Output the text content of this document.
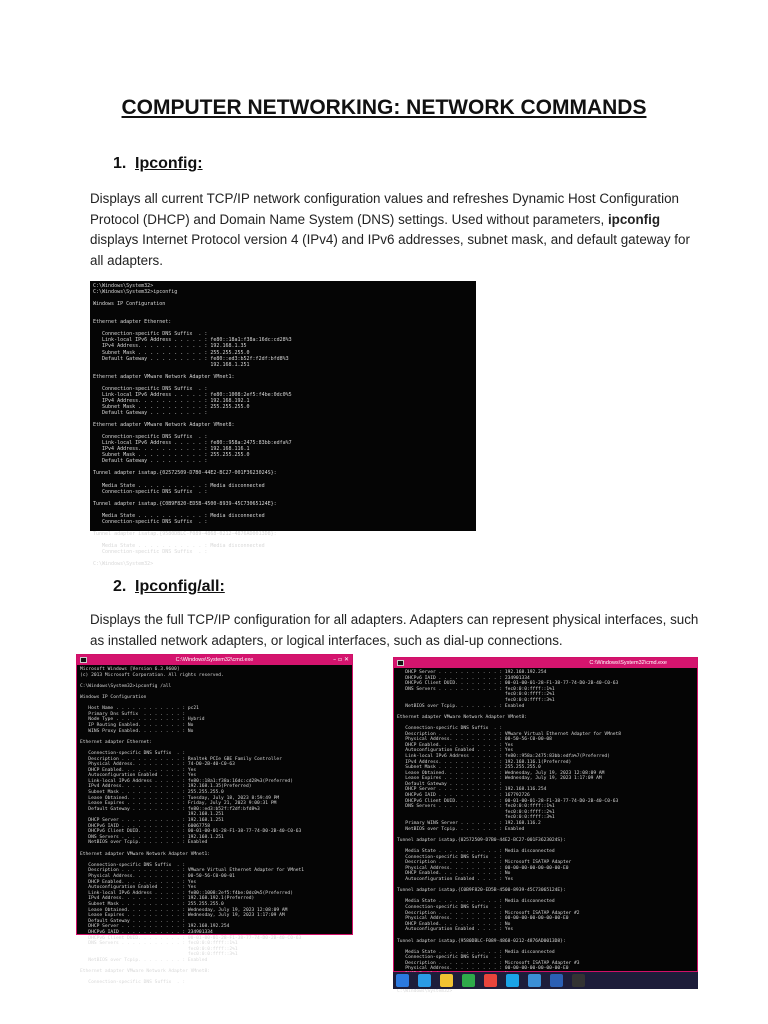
COMPUTER NETWORKING: NETWORK COMMANDS
1. Ipconfig:
Displays all current TCP/IP network configuration values and refreshes Dynamic Host Configuration Protocol (DHCP) and Domain Name System (DNS) settings. Used without parameters, ipconfig displays Internet Protocol version 4 (IPv4) and IPv6 addresses, subnet mask, and default gateway for all adapters.
C:\Windows\System32>
C:\Windows\System32>ipconfig

Windows IP Configuration

Ethernet adapter Ethernet:

Connection-specific DNS Suffix  . :
Link-local IPv6 Address . . . . . : fe80::18a1:f38a:16dc:cd28%3
IPv4 Address. . . . . . . . . . . : 192.168.1.35
Subnet Mask . . . . . . . . . . . : 255.255.255.0
Default Gateway . . . . . . . . . : fe80::ed3:b52f:f2df:bfd8%3
192.168.1.251

Ethernet adapter VMware Network Adapter VMnet1:

Connection-specific DNS Suffix  . :
Link-local IPv6 Address . . . . . : fe80::1008:2ef5:f4be:0dc0%5
IPv4 Address. . . . . . . . . . . : 192.168.192.1
Subnet Mask . . . . . . . . . . . : 255.255.255.0
Default Gateway . . . . . . . . . :

Ethernet adapter VMware Network Adapter VMnet8:

Connection-specific DNS Suffix  . :
Link-local IPv6 Address . . . . . : fe80::958a:2475:83bb:edfa%7
IPv4 Address. . . . . . . . . . . : 192.168.116.1
Subnet Mask . . . . . . . . . . . : 255.255.255.0
Default Gateway . . . . . . . . . :

Tunnel adapter isatap.{02572509-D7B0-44E2-BC27-001F3623024S}:

Media State . . . . . . . . . . . : Media disconnected
Connection-specific DNS Suffix  . :

Tunnel adapter isatap.{C0B9F820-ED5B-4500-8939-45C73065124E}:

Media State . . . . . . . . . . . : Media disconnected
Connection-specific DNS Suffix  . :

Tunnel adapter isatap.{9580DBLC-F089-4868-0212-4876AD0013D8}:

Media State . . . . . . . . . . . : Media disconnected
Connection-specific DNS Suffix  . :

C:\Windows\System32>
2. Ipconfig/all:
Displays the full TCP/IP configuration for all adapters. Adapters can represent physical interfaces, such as installed network adapters, or logical interfaces, such as dial-up connections.
C:\Windows\System32\cmd.exe	– ▫ ✕
Microsoft Windows [Version 6.3.9600]
(c) 2013 Microsoft Corporation. All rights reserved.

C:\Windows\System32>ipconfig /all

Windows IP Configuration

Host Name . . . . . . . . . . . . : pc21
Primary Dns Suffix  . . . . . . . :
Node Type . . . . . . . . . . . . : Hybrid
IP Routing Enabled. . . . . . . . : No
WINS Proxy Enabled. . . . . . . . : No

Ethernet adapter Ethernet:

Connection-specific DNS Suffix  . :
Description . . . . . . . . . . . : Realtek PCIe GBE Family Controller
Physical Address. . . . . . . . . : 74-D0-2B-40-C0-63
DHCP Enabled. . . . . . . . . . . : Yes
Autoconfiguration Enabled . . . . : Yes
Link-local IPv6 Address . . . . . : fe80::18a1:f38a:16dc:cd28%3(Preferred)
IPv4 Address. . . . . . . . . . . : 192.168.1.35(Preferred)
Subnet Mask . . . . . . . . . . . : 255.255.255.0
Lease Obtained. . . . . . . . . . : Tuesday, July 18, 2023 8:59:49 PM
Lease Expires . . . . . . . . . . : Friday, July 21, 2023 9:00:31 PM
Default Gateway . . . . . . . . . : fe80::ed3:b52f:f2df:bfd8%3
192.168.1.251
DHCP Server . . . . . . . . . . . : 192.168.1.251
DHCPv6 IAID . . . . . . . . . . . : 60067758
DHCPv6 Client DUID. . . . . . . . : 00-01-00-01-28-F1-38-77-74-D0-2B-40-C0-63
DNS Servers . . . . . . . . . . . : 192.168.1.251
NetBIOS over Tcpip. . . . . . . . : Enabled

Ethernet adapter VMware Network Adapter VMnet1:

Connection-specific DNS Suffix  . :
Description . . . . . . . . . . . : VMware Virtual Ethernet Adapter for VMnet1
Physical Address. . . . . . . . . : 00-50-56-C0-00-01
DHCP Enabled. . . . . . . . . . . : Yes
Autoconfiguration Enabled . . . . : Yes
Link-local IPv6 Address . . . . . : fe80::1008:2ef5:f4be:0dc0%5(Preferred)
IPv4 Address. . . . . . . . . . . : 192.168.192.1(Preferred)
Subnet Mask . . . . . . . . . . . : 255.255.255.0
Lease Obtained. . . . . . . . . . : Wednesday, July 19, 2023 12:08:09 AM
Lease Expires . . . . . . . . . . : Wednesday, July 19, 2023 1:17:09 AM
Default Gateway . . . . . . . . . :
DHCP Server . . . . . . . . . . . : 192.168.192.254
DHCPv6 IAID . . . . . . . . . . . : 234901334
DHCPv6 Client DUID. . . . . . . . : 00-01-00-01-28-F1-38-77-74-D0-2B-40-C0-63
DNS Servers . . . . . . . . . . . : fec0:0:0:ffff::1%1
fec0:0:0:ffff::2%1
fec0:0:0:ffff::3%1
NetBIOS over Tcpip. . . . . . . . : Enabled

Ethernet adapter VMware Network Adapter VMnet8:

Connection-specific DNS Suffix  . :
C:\Windows\System32\cmd.exe
DHCP Server . . . . . . . . . . . : 192.168.192.254
DHCPv6 IAID . . . . . . . . . . . : 234901334
DHCPv6 Client DUID. . . . . . . . : 00-01-00-01-28-F1-38-77-74-D0-2B-40-C0-63
DNS Servers . . . . . . . . . . . : fec0:0:0:ffff::1%1
fec0:0:0:ffff::2%1
fec0:0:0:ffff::3%1
NetBIOS over Tcpip. . . . . . . . : Enabled

Ethernet adapter VMware Network Adapter VMnet8:

Connection-specific DNS Suffix  . :
Description . . . . . . . . . . . : VMware Virtual Ethernet Adapter for VMnet8
Physical Address. . . . . . . . . : 00-50-56-C0-00-08
DHCP Enabled. . . . . . . . . . . : Yes
Autoconfiguration Enabled . . . . : Yes
Link-local IPv6 Address . . . . . : fe80::958a:2475:83bb:edfa%7(Preferred)
IPv4 Address. . . . . . . . . . . : 192.168.116.1(Preferred)
Subnet Mask . . . . . . . . . . . : 255.255.255.0
Lease Obtained. . . . . . . . . . : Wednesday, July 19, 2023 12:08:09 AM
Lease Expires . . . . . . . . . . : Wednesday, July 19, 2023 1:17:09 AM
Default Gateway . . . . . . . . . :
DHCP Server . . . . . . . . . . . : 192.168.116.254
DHCPv6 IAID . . . . . . . . . . . : 167792726
DHCPv6 Client DUID. . . . . . . . : 00-01-00-01-28-F1-38-77-74-D0-2B-40-C0-63
DNS Servers . . . . . . . . . . . : fec0:0:0:ffff::1%1
fec0:0:0:ffff::2%1
fec0:0:0:ffff::3%1
Primary WINS Server . . . . . . . : 192.168.116.2
NetBIOS over Tcpip. . . . . . . . : Enabled

Tunnel adapter isatap.{02572509-D7B0-44E2-BC27-001F3623024S}:

Media State . . . . . . . . . . . : Media disconnected
Connection-specific DNS Suffix  . :
Description . . . . . . . . . . . : Microsoft ISATAP Adapter
Physical Address. . . . . . . . . : 00-00-00-00-00-00-00-E0
DHCP Enabled. . . . . . . . . . . : No
Autoconfiguration Enabled . . . . : Yes

Tunnel adapter isatap.{C0B9F820-ED5B-4500-8939-45C73065124E}:

Media State . . . . . . . . . . . : Media disconnected
Connection-specific DNS Suffix  . :
Description . . . . . . . . . . . : Microsoft ISATAP Adapter #2
Physical Address. . . . . . . . . : 00-00-00-00-00-00-00-E0
DHCP Enabled. . . . . . . . . . . : No
Autoconfiguration Enabled . . . . : Yes

Tunnel adapter isatap.{9580DBLC-F089-4868-0212-4876AD0013D8}:

Media State . . . . . . . . . . . : Media disconnected
Connection-specific DNS Suffix  . :
Description . . . . . . . . . . . : Microsoft ISATAP Adapter #3
Physical Address. . . . . . . . . : 00-00-00-00-00-00-00-E0

C:\Windows\System32>
